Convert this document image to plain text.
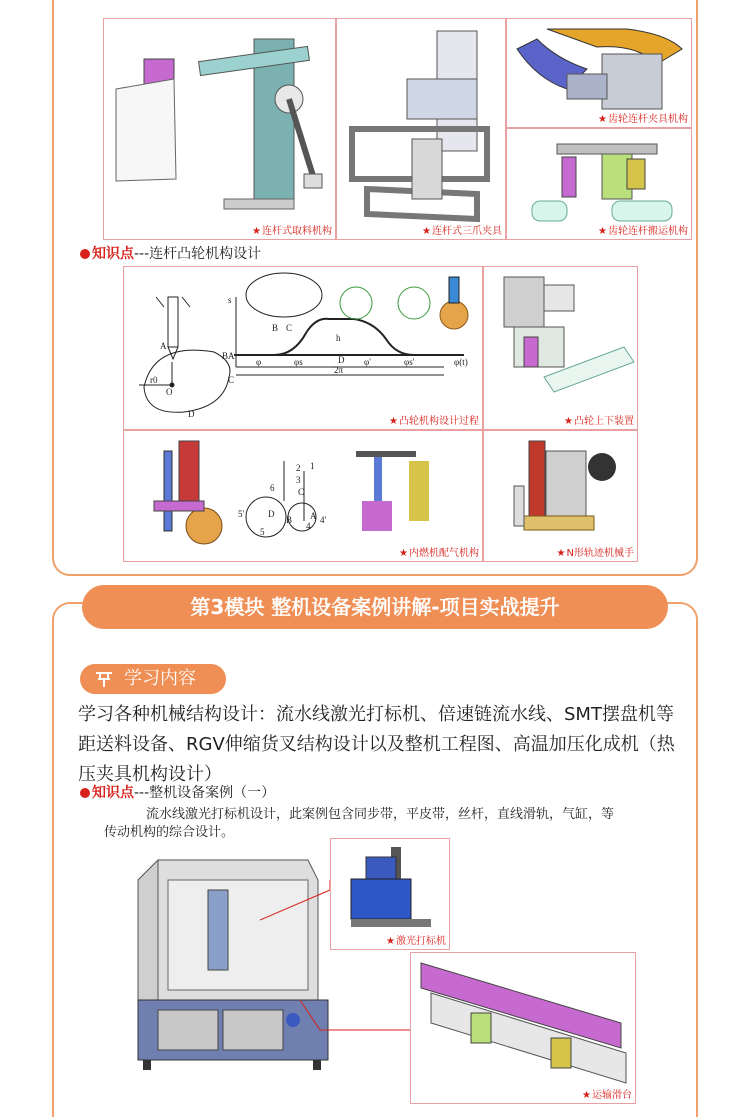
★连杆式取料机构	★连杆式三爪夹具
★齿轮连杆夹具机构
★齿轮连杆搬运机构
知识点---连杆凸轮机构设计
A
B
C
D
r0
O
s
h
B C
A	D
φ	φs	φ'	φs'
2π
φ(t)
★凸轮机构设计过程	★凸轮上下装置
1
2
3
4
4'
5
5'
6	C
B
D	A
★内燃机配气机构	★N形轨迹机械手
第3模块 整机设备案例讲解-项目实战提升
学习内容
学习各种机械结构设计：流水线激光打标机、倍速链流水线、SMT摆盘机等距送料设备、RGV伸缩货叉结构设计以及整机工程图、高温加压化成机（热压夹具机构设计）
知识点---整机设备案例（一）
流水线激光打标机设计，此案例包含同步带，平皮带，丝杆，直线滑轨，气缸，等
传动机构的综合设计。
★激光打标机
★运输滑台
